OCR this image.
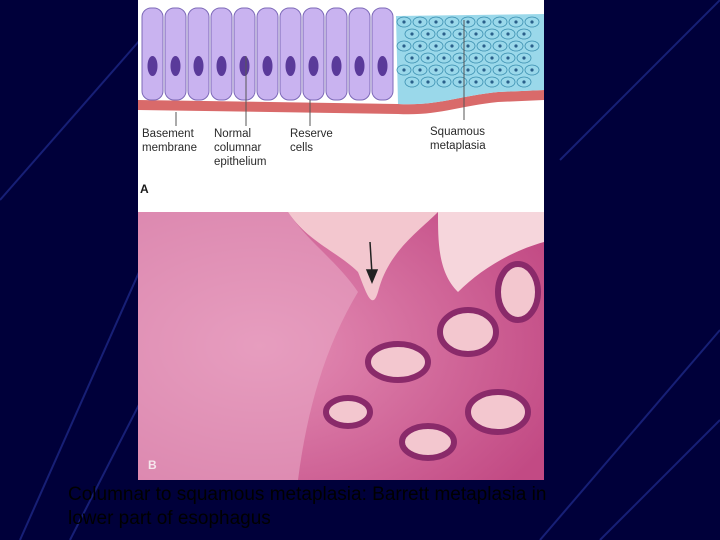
Basement
membrane
Normal
columnar
epithelium
Reserve
cells
Squamous
metaplasia
A
B
Columnar to squamous metaplasia: Barrett metaplasia in
lower part of esophagus
